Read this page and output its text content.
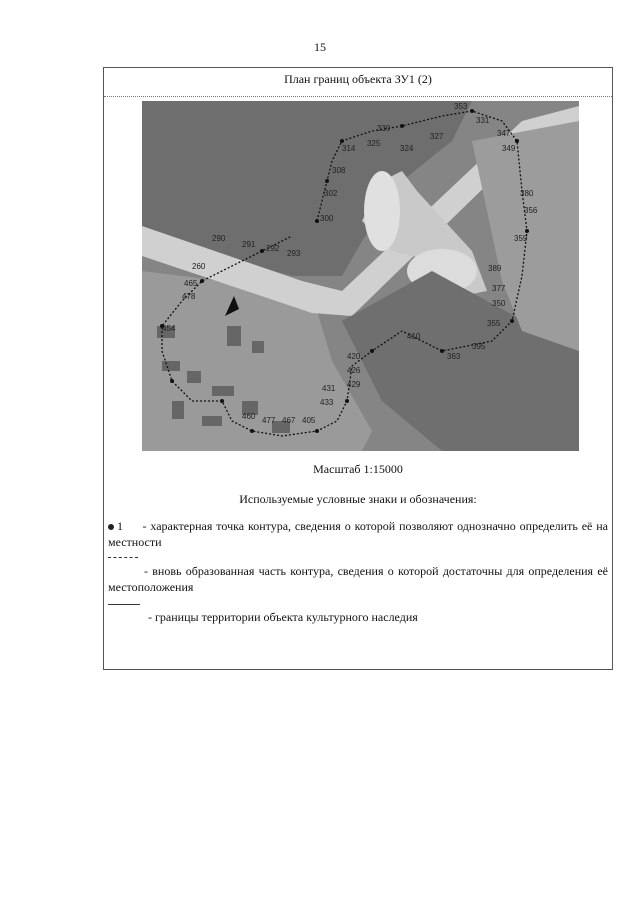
15
План границ объекта ЗУ1 (2)
353
347
349
380
356
359
389
377
350
355
395
363
410
420
426
429
431
433
405
460 477 467
290
291 292
293
260
465
478
454
300
302
308
314
325
324
327
330
331
Масштаб 1:15000
Используемые условные знаки и обозначения:
1 - характерная точка контура, сведения о которой позволяют однозначно определить её на местности
- вновь образованная часть контура, сведения о которой достаточны для определения её местоположения
- границы территории объекта культурного наследия
